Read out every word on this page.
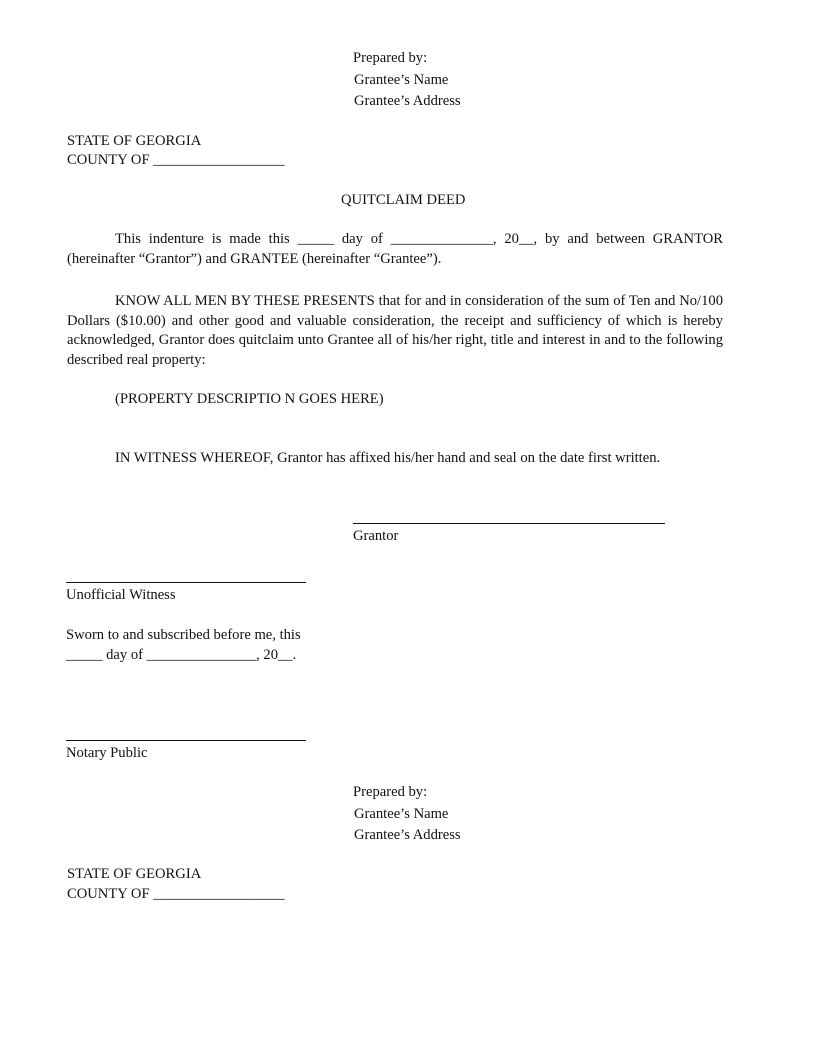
Prepared by:
Grantee’s Name
Grantee’s Address
STATE OF GEORGIA
COUNTY OF __________________
QUITCLAIM DEED
This indenture is made this _____ day of ______________, 20__, by and between GRANTOR (hereinafter “Grantor”) and GRANTEE (hereinafter “Grantee”).
KNOW ALL MEN BY THESE PRESENTS that for and in consideration of the sum of Ten and No/100 Dollars ($10.00) and other good and valuable consideration, the receipt and sufficiency of which is hereby acknowledged, Grantor does quitclaim unto Grantee all of his/her right, title and interest in and to the following described real property:
(PROPERTY DESCRIPTIO N GOES HERE)
IN WITNESS WHEREOF, Grantor has affixed his/her hand and seal on the date first written.
Grantor
Unofficial Witness
Sworn to and subscribed before me, this
_____ day of _______________, 20__.
Notary Public
Prepared by:
Grantee’s Name
Grantee’s Address
STATE OF GEORGIA
COUNTY OF __________________
